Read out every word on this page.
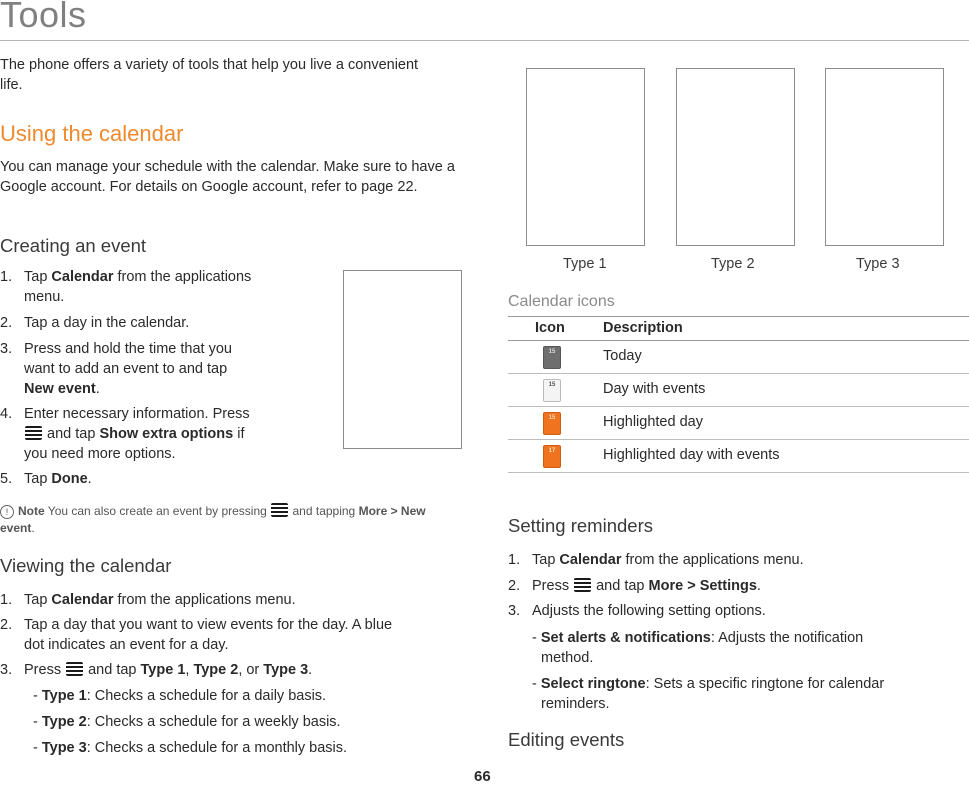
Tools
The phone offers a variety of tools that help you live a convenient life.
Using the calendar
You can manage your schedule with the calendar. Make sure to have a Google account. For details on Google account, refer to page 22.
Creating an event
1. Tap Calendar from the applications
menu.
2. Tap a day in the calendar.
3. Press and hold the time that you
want to add an event to and tap
New event.
4. Enter necessary information. Press
and tap Show extra options if
you need more options.
5. Tap Done.
! Note You can also create an event by pressing  and tapping More > New event.
Viewing the calendar
1. Tap Calendar from the applications menu.
2. Tap a day that you want to view events for the day. A blue
dot indicates an event for a day.
3. Press  and tap Type 1, Type 2, or Type 3.
- Type 1: Checks a schedule for a daily basis.
- Type 2: Checks a schedule for a weekly basis.
- Type 3: Checks a schedule for a monthly basis.
Type 1	Type 2	Type 3
Calendar icons
Icon	Description
15	Today
15	Day with events
15	Highlighted day
17	Highlighted day with events
Setting reminders
1. Tap Calendar from the applications menu.
2. Press  and tap More > Settings.
3. Adjusts the following setting options.
- Set alerts & notifications: Adjusts the notification
method.
- Select ringtone: Sets a specific ringtone for calendar
reminders.
Editing events
66
